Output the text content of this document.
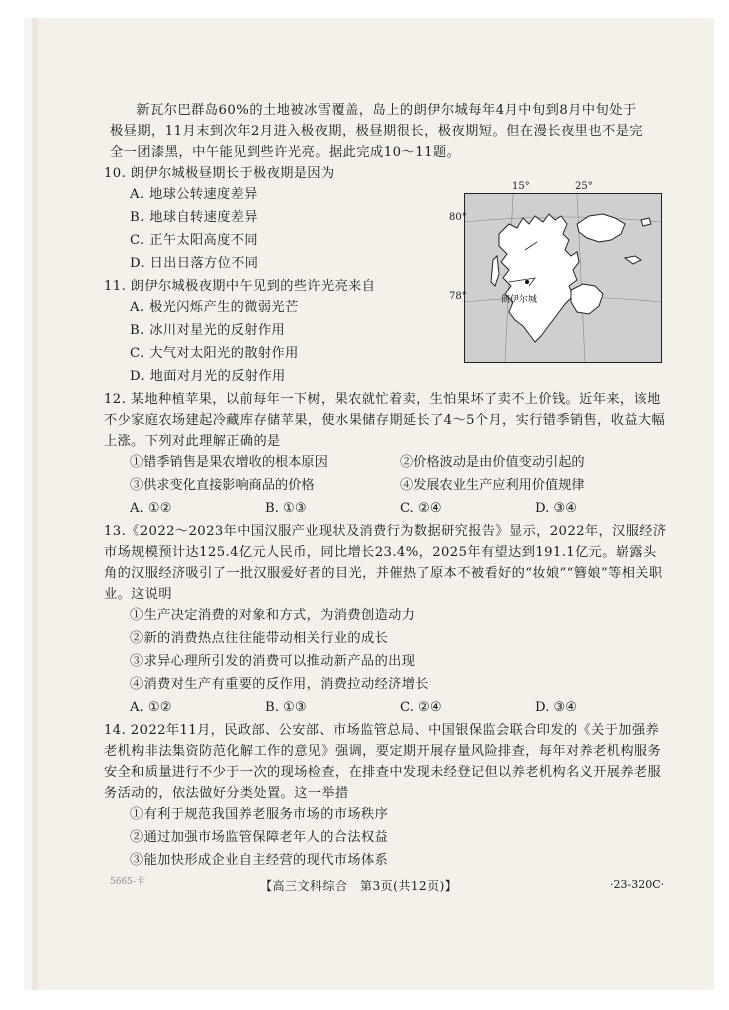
新瓦尔巴群岛60%的土地被冰雪覆盖，岛上的朗伊尔城每年4月中旬到8月中旬处于极昼期，11月末到次年2月进入极夜期，极昼期很长，极夜期短。但在漫长夜里也不是完全一团漆黑，中午能见到些许光亮。据此完成10～11题。

10. 朗伊尔城极昼期长于极夜期是因为

A. 地球公转速度差异

B. 地球自转速度差异

C. 正午太阳高度不同

D. 日出日落方位不同

11. 朗伊尔城极夜期中午见到的些许光亮来自

A. 极光闪烁产生的微弱光芒

B. 冰川对星光的反射作用

C. 大气对太阳光的散射作用

D. 地面对月光的反射作用

12. 某地种植苹果，以前每年一下树，果农就忙着卖，生怕果坏了卖不上价钱。近年来，该地不少家庭农场建起冷藏库存储苹果，使水果储存期延长了4～5个月，实行错季销售，收益大幅上涨。下列对此理解正确的是

①错季销售是果农增收的根本原因	②价格波动是由价值变动引起的
③供求变化直接影响商品的价格	④发展农业生产应利用价值规律
A. ①②	B. ①③	C. ②④	D. ③④

13.《2022～2023年中国汉服产业现状及消费行为数据研究报告》显示，2022年，汉服经济市场规模预计达125.4亿元人民币，同比增长23.4%，2025年有望达到191.1亿元。崭露头角的汉服经济吸引了一批汉服爱好者的目光，并催热了原本不被看好的“妆娘”“簪娘”等相关职业。这说明

①生产决定消费的对象和方式，为消费创造动力

②新的消费热点往往能带动相关行业的成长

③求异心理所引发的消费可以推动新产品的出现

④消费对生产有重要的反作用，消费拉动经济增长

A. ①②	B. ①③	C. ②④	D. ③④

14. 2022年11月，民政部、公安部、市场监管总局、中国银保监会联合印发的《关于加强养老机构非法集资防范化解工作的意见》强调，要定期开展存量风险排查，每年对养老机构服务安全和质量进行不少于一次的现场检查，在排查中发现未经登记但以养老机构名义开展养老服务活动的，依法做好分类处置。这一举措

①有利于规范我国养老服务市场的市场秩序

②通过加强市场监管保障老年人的合法权益

③能加快形成企业自主经营的现代市场体系

朗伊尔城
15°	25°
80°
78°
5665-卡	【高三文科综合　第3页(共12页)】	·23-320C·
